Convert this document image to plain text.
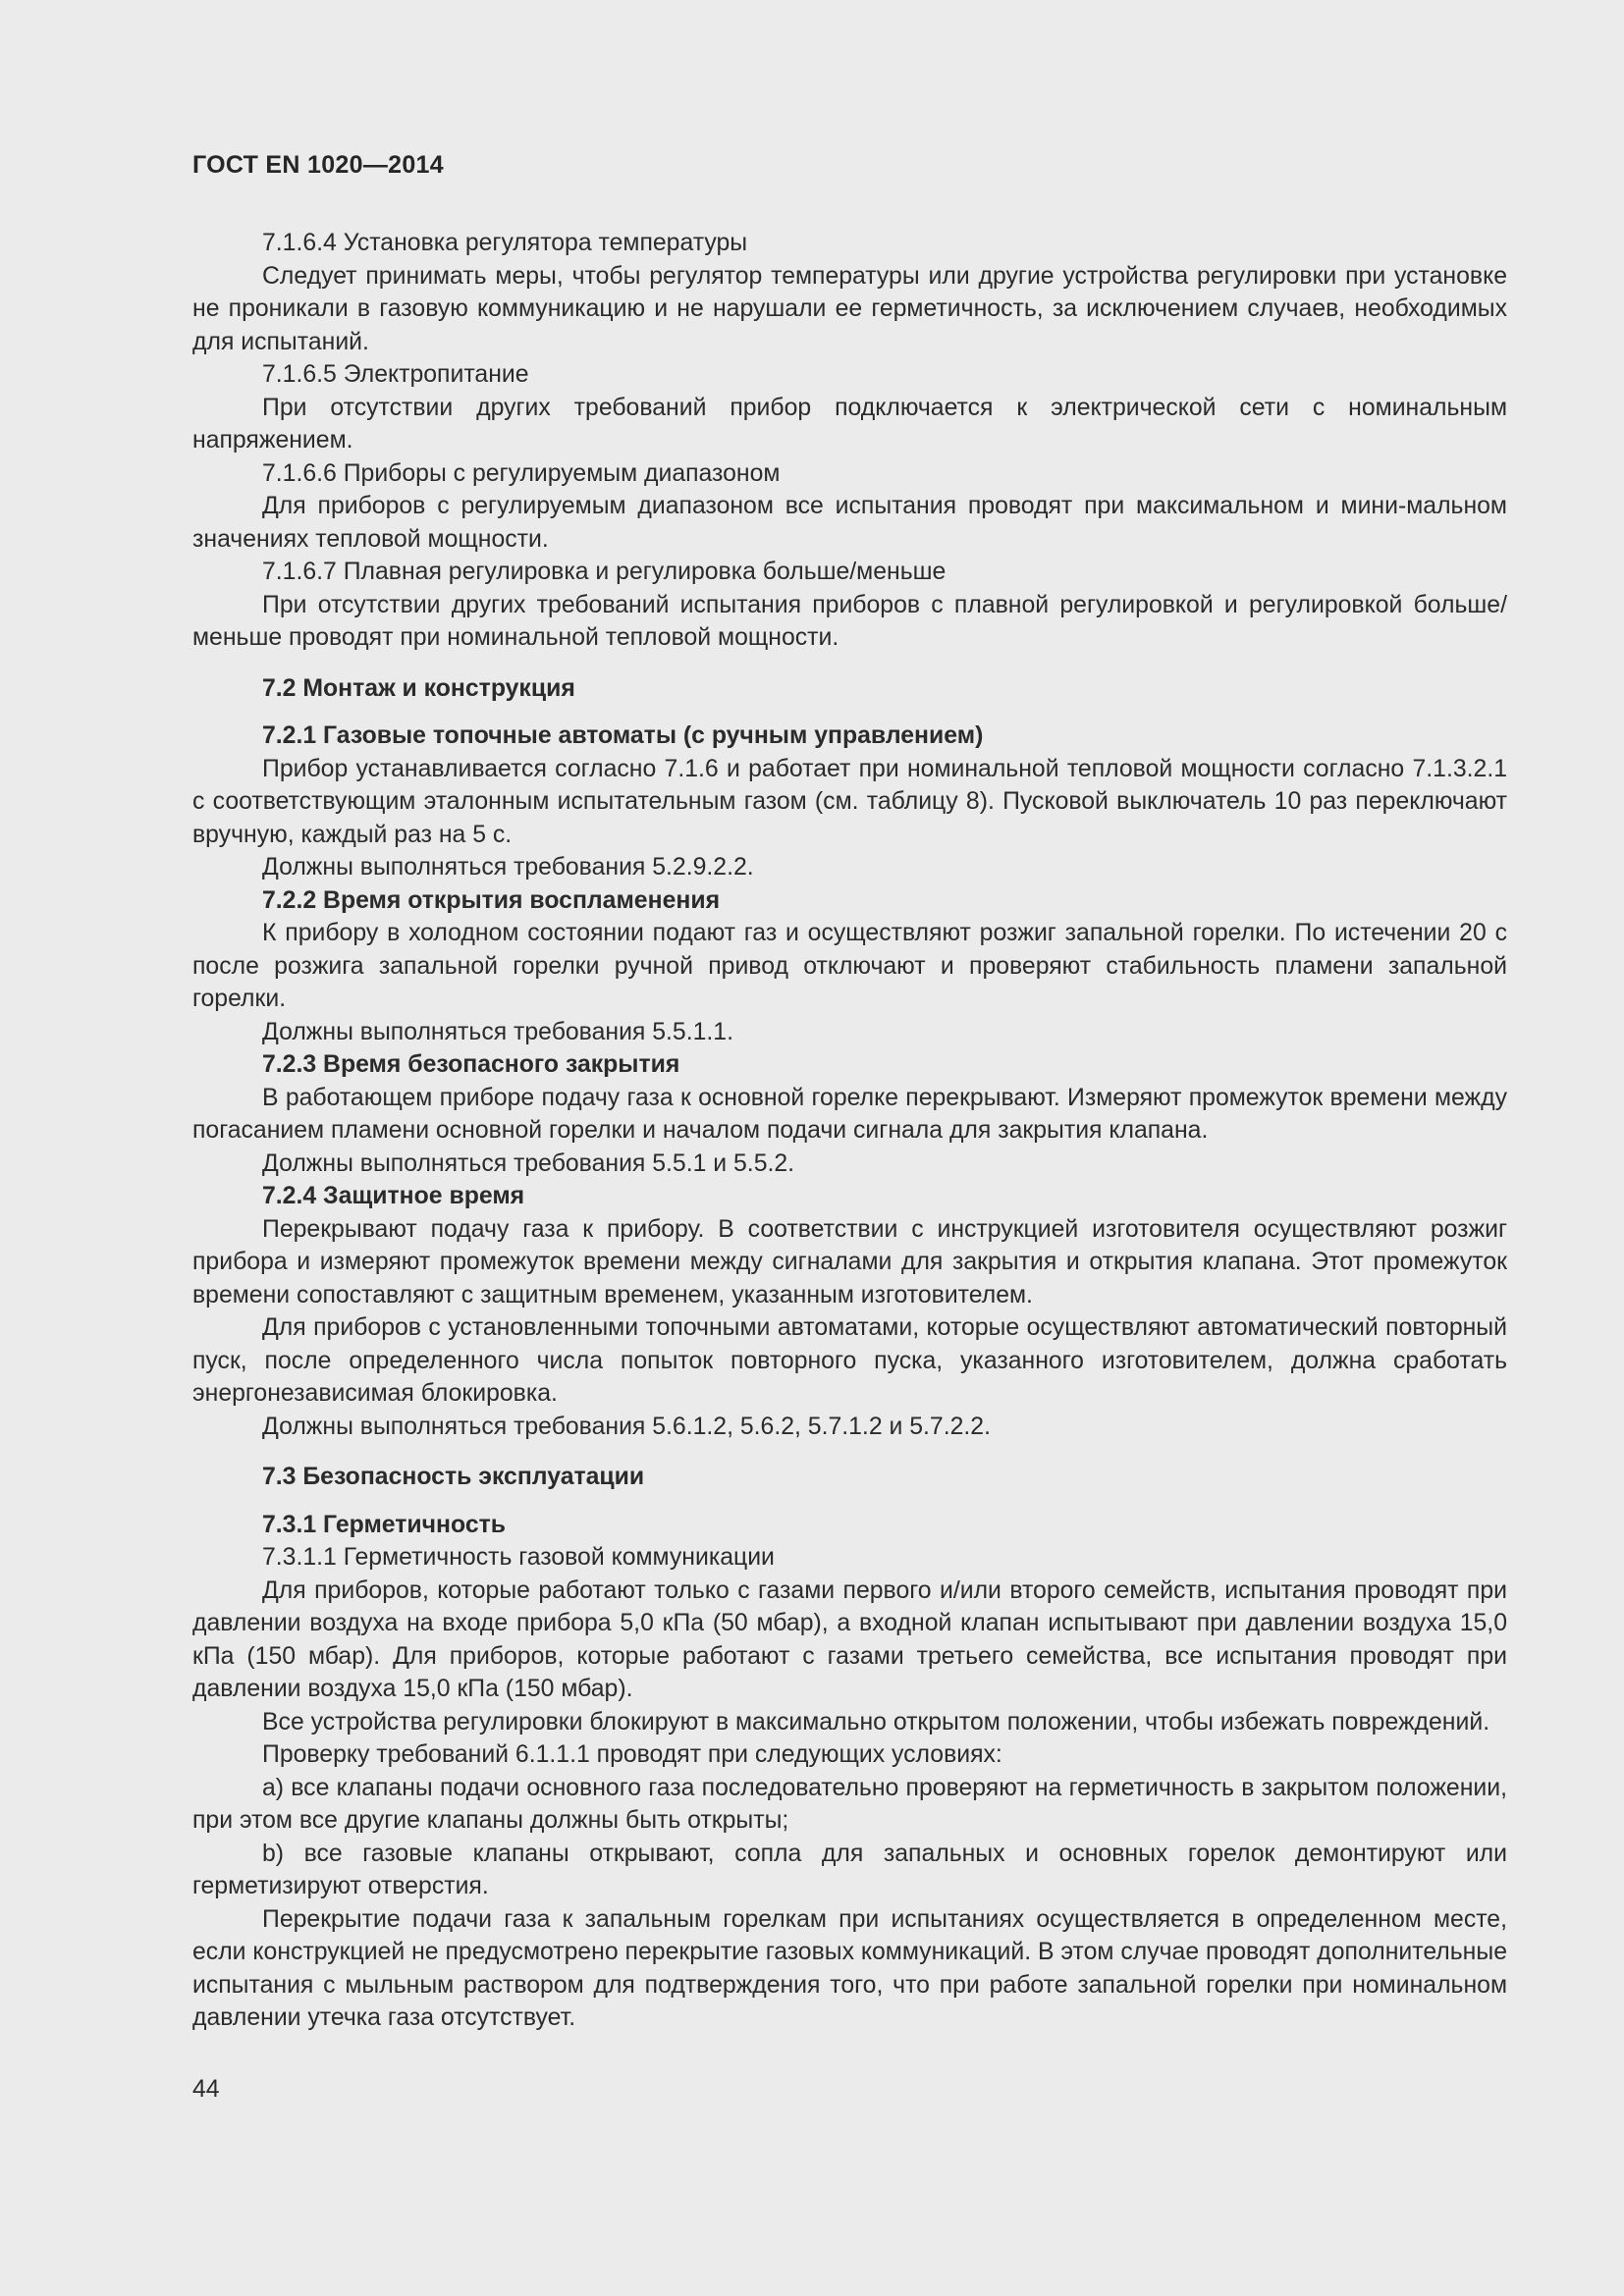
ГОСТ EN 1020—2014

7.1.6.4 Установка регулятора температуры

Следует принимать меры, чтобы регулятор температуры или другие устройства регулировки при установке не проникали в газовую коммуникацию и не нарушали ее герметичность, за исключением случаев, необходимых для испытаний.

7.1.6.5 Электропитание

При отсутствии других требований прибор подключается к электрической сети с номинальным напряжением.

7.1.6.6 Приборы с регулируемым диапазоном

Для приборов с регулируемым диапазоном все испытания проводят при максимальном и мини-мальном значениях тепловой мощности.

7.1.6.7 Плавная регулировка и регулировка больше/меньше

При отсутствии других требований испытания приборов с плавной регулировкой и регулировкой больше/меньше проводят при номинальной тепловой мощности.

7.2 Монтаж и конструкция

7.2.1 Газовые топочные автоматы (с ручным управлением)

Прибор устанавливается согласно 7.1.6 и работает при номинальной тепловой мощности согласно 7.1.3.2.1 с соответствующим эталонным испытательным газом (см. таблицу 8). Пусковой выключатель 10 раз переключают вручную, каждый раз на 5 с.

Должны выполняться требования 5.2.9.2.2.

7.2.2 Время открытия воспламенения

К прибору в холодном состоянии подают газ и осуществляют розжиг запальной горелки. По истечении 20 с после розжига запальной горелки ручной привод отключают и проверяют стабильность пламени запальной горелки.

Должны выполняться требования 5.5.1.1.

7.2.3 Время безопасного закрытия

В работающем приборе подачу газа к основной горелке перекрывают. Измеряют промежуток времени между погасанием пламени основной горелки и началом подачи сигнала для закрытия клапана.

Должны выполняться требования 5.5.1 и 5.5.2.

7.2.4 Защитное время

Перекрывают подачу газа к прибору. В соответствии с инструкцией изготовителя осуществляют розжиг прибора и измеряют промежуток времени между сигналами для закрытия и открытия клапана. Этот промежуток времени сопоставляют с защитным временем, указанным изготовителем.

Для приборов с установленными топочными автоматами, которые осуществляют автоматический повторный пуск, после определенного числа попыток повторного пуска, указанного изготовителем, должна сработать энергонезависимая блокировка.

Должны выполняться требования 5.6.1.2, 5.6.2, 5.7.1.2 и 5.7.2.2.

7.3 Безопасность эксплуатации

7.3.1 Герметичность

7.3.1.1 Герметичность газовой коммуникации

Для приборов, которые работают только с газами первого и/или второго семейств, испытания проводят при давлении воздуха на входе прибора 5,0 кПа (50 мбар), а входной клапан испытывают при давлении воздуха 15,0 кПа (150 мбар). Для приборов, которые работают с газами третьего семейства, все испытания проводят при давлении воздуха 15,0 кПа (150 мбар).

Все устройства регулировки блокируют в максимально открытом положении, чтобы избежать повреждений.

Проверку требований 6.1.1.1 проводят при следующих условиях:

a) все клапаны подачи основного газа последовательно проверяют на герметичность в закрытом положении, при этом все другие клапаны должны быть открыты;

b) все газовые клапаны открывают, сопла для запальных и основных горелок демонтируют или герметизируют отверстия.

Перекрытие подачи газа к запальным горелкам при испытаниях осуществляется в определенном месте, если конструкцией не предусмотрено перекрытие газовых коммуникаций. В этом случае проводят дополнительные испытания с мыльным раствором для подтверждения того, что при работе запальной горелки при номинальном давлении утечка газа отсутствует.

44
